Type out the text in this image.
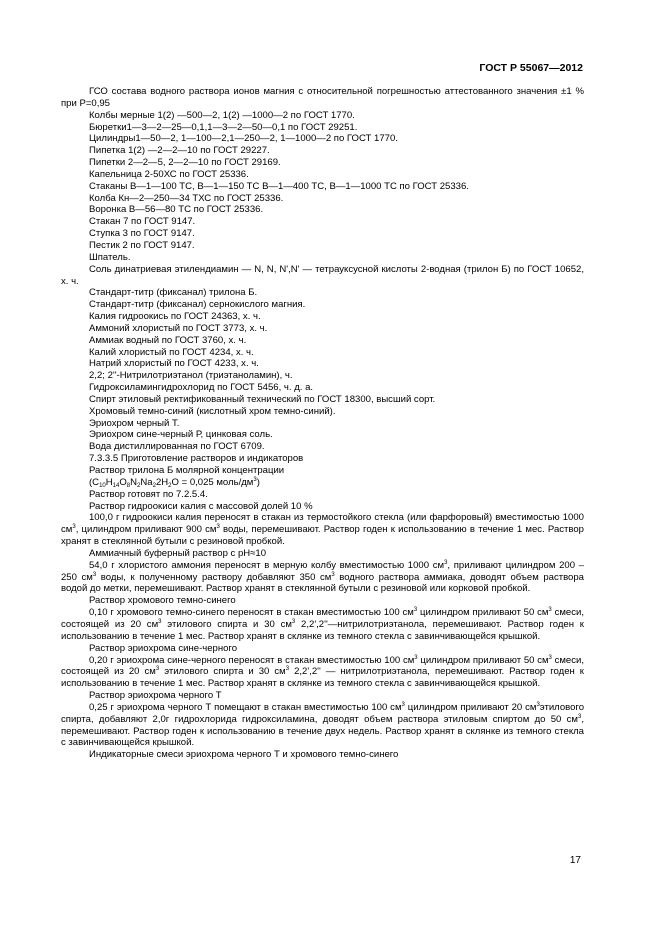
ГОСТ Р 55067—2012

ГСО состава водного раствора ионов магния с относительной погрешностью аттестованного значения ±1 % при Р=0,95

Колбы мерные 1(2) —500—2, 1(2) —1000—2 по ГОСТ 1770.

Бюретки1—3—2—25—0,1,1—3—2—50—0,1 по ГОСТ 29251.

Цилиндры1—50—2, 1—100—2,1—250—2, 1—1000—2 по ГОСТ 1770.

Пипетка 1(2) —2—2—10 по ГОСТ 29227.

Пипетки 2—2—5, 2—2—10 по ГОСТ 29169.

Капельница 2-50ХС по ГОСТ 25336.

Стаканы В—1—100 ТС, В—1—150 ТС В—1—400 ТС, В—1—1000 ТС по ГОСТ 25336.

Колба Кн—2—250—34 ТХС по ГОСТ 25336.

Воронка В—56—80 ТС по ГОСТ 25336.

Стакан 7 по ГОСТ 9147.

Ступка 3 по ГОСТ 9147.

Пестик 2 по ГОСТ 9147.

Шпатель.

Соль динатриевая этилендиамин — N, N, N',N' — тетрауксусной кислоты 2-водная (трилон Б) по ГОСТ 10652, х. ч.

Стандарт-титр (фиксанал) трилона Б.

Стандарт-титр (фиксанал) сернокислого магния.

Калия гидроокись по ГОСТ 24363, х. ч.

Аммоний хлористый по ГОСТ 3773, х. ч.

Аммиак водный по ГОСТ 3760, х. ч.

Калий хлористый по ГОСТ 4234, х. ч.

Натрий хлористый по ГОСТ 4233, х. ч.

2,2; 2''-Нитрилотриэтанол (триэтаноламин), ч.

Гидроксиламингидрохлорид по ГОСТ 5456, ч. д. а.

Спирт этиловый ректификованный технический по ГОСТ 18300, высший сорт.

Хромовый темно-синий (кислотный хром темно-синий).

Эриохром черный Т.

Эриохром сине-черный Р, цинковая соль.

Вода дистиллированная по ГОСТ 6709.

7.3.3.5 Приготовление растворов и индикаторов

Раствор трилона Б молярной концентрации

($C_{10}H_{14}O_8N_2Na_22H_2O = 0,025$ моль/$дм^3$)

Раствор готовят по 7.2.5.4.

Раствор гидроокиси калия с массовой долей 10 %

100,0 г гидроокиси калия переносят в стакан из термостойкого стекла (или фарфоровый) вместимостью 1000 $см^3$, цилиндром приливают 900 $см^3$ воды, перемешивают. Раствор годен к использованию в течение 1 мес. Раствор хранят в стеклянной бутыли с резиновой пробкой.

Аммиачный буферный раствор с рН≈10

54,0 г хлористого аммония переносят в мерную колбу вместимостью 1000 $см^3$, приливают цилиндром 200 – 250 $см^3$ воды, к полученному раствору добавляют 350 $см^3$ водного раствора аммиака, доводят объем раствора водой до метки, перемешивают. Раствор хранят в стеклянной бутыли с резиновой или корковой пробкой.

Раствор хромового темно-синего

0,10 г хромового темно-синего переносят в стакан вместимостью 100 $см^3$ цилиндром приливают 50 $см^3$ смеси, состоящей из 20 $см^3$ этилового спирта и 30 $см^3$ 2,2',2''—нитрилотриэтанола, перемешивают. Раствор годен к использованию в течение 1 мес. Раствор хранят в склянке из темного стекла с завинчивающейся крышкой.

Раствор эриохрома сине-черного

0,20 г эриохрома сине-черного переносят в стакан вместимостью 100 $см^3$ цилиндром приливают 50 $см^3$ смеси, состоящей из 20 $см^3$ этилового спирта и 30 $см^3$ 2,2',2'' — нитрилотриэтанола, перемешивают. Раствор годен к использованию в течение 1 мес. Раствор хранят в склянке из темного стекла с завинчивающейся крышкой.

Раствор эриохрома черного Т

0,25 г эриохрома черного Т помещают в стакан вместимостью 100 $см^3$ цилиндром приливают 20 $см^3этилового$ спирта, добавляют 2,0г гидрохлорида гидроксиламина, доводят объем раствора этиловым спиртом до 50 $см^3$, перемешивают. Раствор годен к использованию в течение двух недель. Раствор хранят в склянке из темного стекла с завинчивающейся крышкой.

Индикаторные смеси эриохрома черного Т и хромового темно-синего

17
